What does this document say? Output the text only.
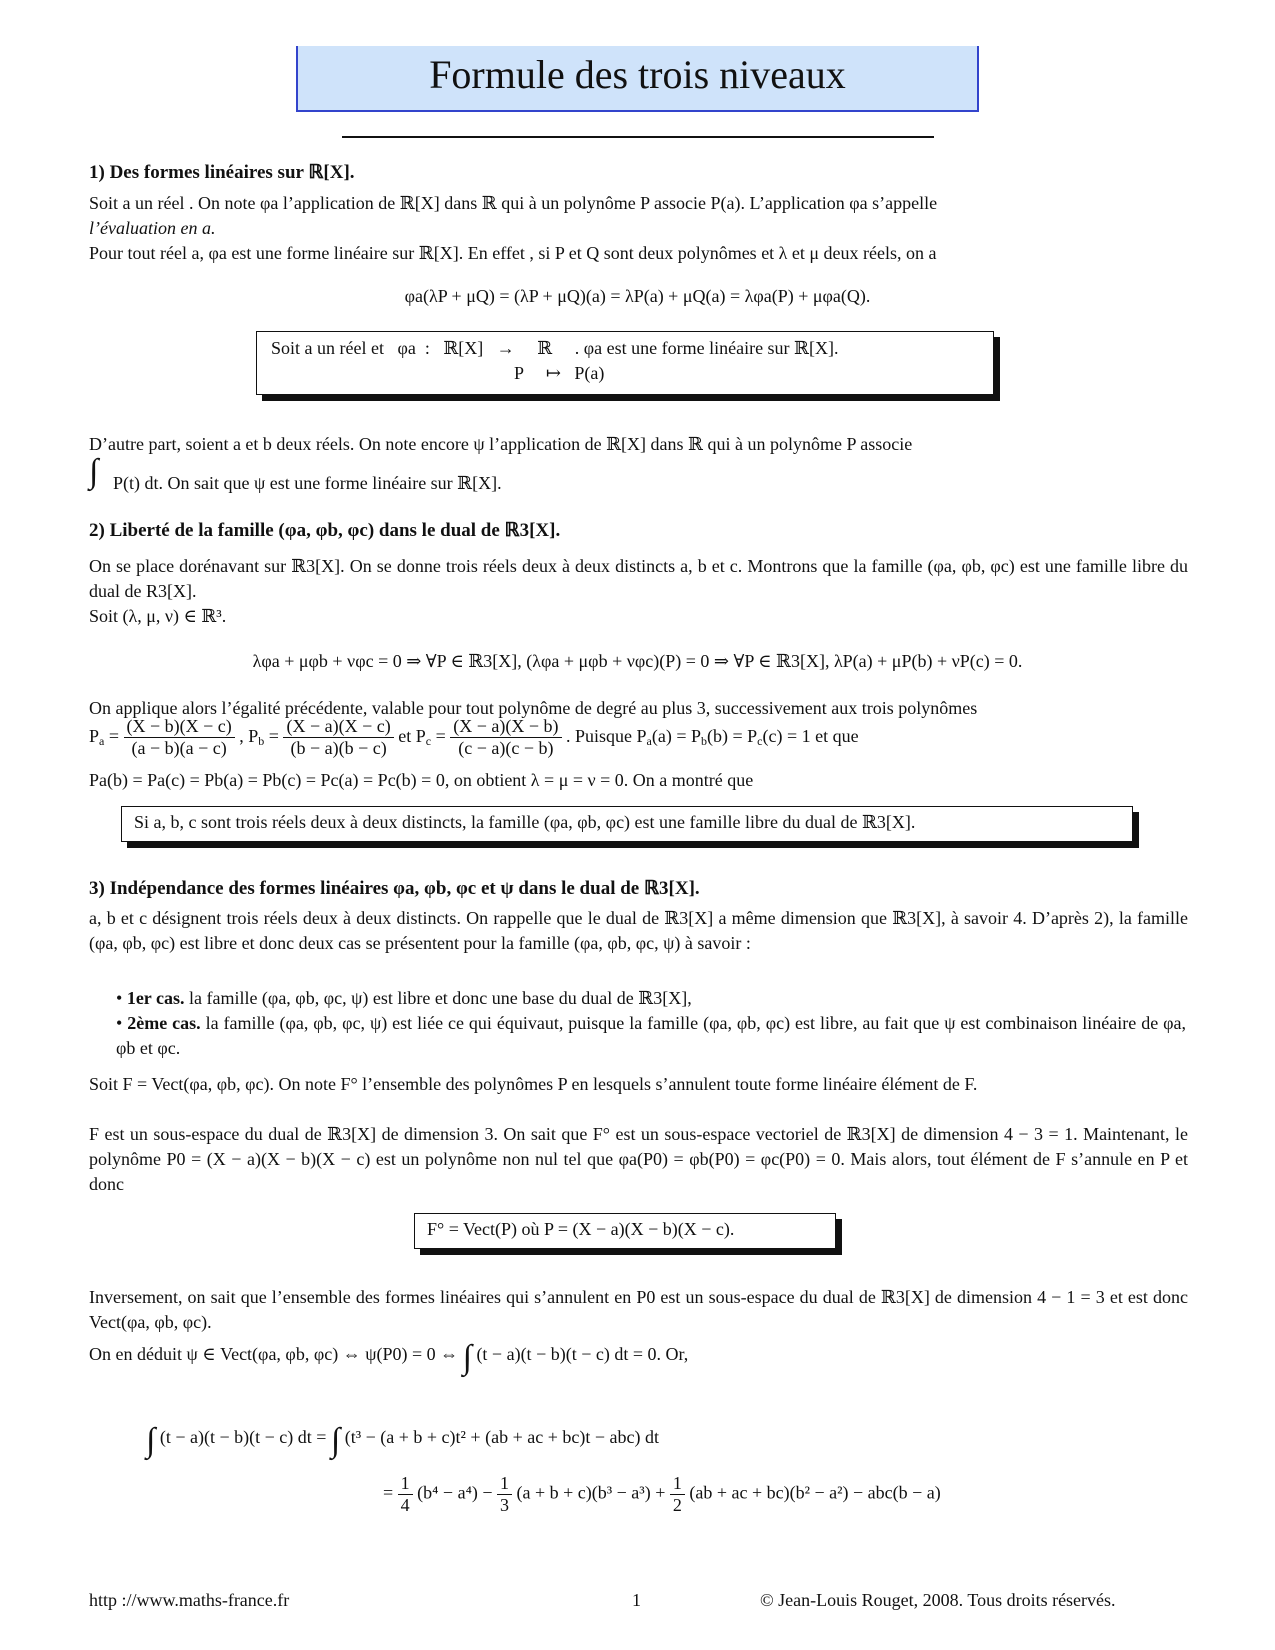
Formule des trois niveaux
1) Des formes linéaires sur ℝ[X].
Soit a un réel . On note φa l’application de ℝ[X] dans ℝ qui à un polynôme P associe P(a). L’application φa s’appelle
l’évaluation en a.
Pour tout réel a, φa est une forme linéaire sur ℝ[X]. En effet , si P et Q sont deux polynômes et λ et μ deux réels, on a
φa(λP + μQ) = (λP + μQ)(a) = λP(a) + μQ(a) = λφa(P) + μφa(Q).
Soit a un réel et   φa  :   ℝ[X]   →     ℝ     . φa est une forme linéaire sur ℝ[X].
P     ↦   P(a)
D’autre part, soient a et b deux réels. On note encore ψ l’application de ℝ[X] dans ℝ qui à un polynôme P associe
∫ P(t) dt. On sait que ψ est une forme linéaire sur ℝ[X].
2) Liberté de la famille (φa, φb, φc) dans le dual de ℝ3[X].
On se place dorénavant sur ℝ3[X]. On se donne trois réels deux à deux distincts a, b et c. Montrons que la famille (φa, φb, φc) est une famille libre du dual de R3[X].
Soit (λ, μ, ν) ∈ ℝ³.
λφa + μφb + νφc = 0 ⇒ ∀P ∈ ℝ3[X], (λφa + μφb + νφc)(P) = 0 ⇒ ∀P ∈ ℝ3[X], λP(a) + μP(b) + νP(c) = 0.
On applique alors l’égalité précédente, valable pour tout polynôme de degré au plus 3, successivement aux trois polynômes
$P_a = \frac{(X - b)(X - c)}{(a - b)(a - c)}$ , $P_b = \frac{(X - a)(X - c)}{(b - a)(b - c)}$ et $P_c = \frac{(X - a)(X - b)}{(c - a)(c - b)}$ . Puisque $P_a(a) = P_b(b) = P_c(c) = 1$ et que
Pa(b) = Pa(c) = Pb(a) = Pb(c) = Pc(a) = Pc(b) = 0, on obtient λ = μ = ν = 0. On a montré que
Si a, b, c sont trois réels deux à deux distincts, la famille (φa, φb, φc) est une famille libre du dual de ℝ3[X].
3) Indépendance des formes linéaires φa, φb, φc et ψ dans le dual de ℝ3[X].
a, b et c désignent trois réels deux à deux distincts. On rappelle que le dual de ℝ3[X] a même dimension que ℝ3[X], à savoir 4. D’après 2), la famille (φa, φb, φc) est libre et donc deux cas se présentent pour la famille (φa, φb, φc, ψ) à savoir :
• 1er cas. la famille (φa, φb, φc, ψ) est libre et donc une base du dual de ℝ3[X],
• 2ème cas. la famille (φa, φb, φc, ψ) est liée ce qui équivaut, puisque la famille (φa, φb, φc) est libre, au fait que ψ est combinaison linéaire de φa, φb et φc.
Soit F = Vect(φa, φb, φc). On note F° l’ensemble des polynômes P en lesquels s’annulent toute forme linéaire élément de F.
F est un sous-espace du dual de ℝ3[X] de dimension 3. On sait que F° est un sous-espace vectoriel de ℝ3[X] de dimension 4 − 3 = 1. Maintenant, le polynôme P0 = (X − a)(X − b)(X − c) est un polynôme non nul tel que φa(P0) = φb(P0) = φc(P0) = 0. Mais alors, tout élément de F s’annule en P et donc
F° = Vect(P) où P = (X − a)(X − b)(X − c).
Inversement, on sait que l’ensemble des formes linéaires qui s’annulent en P0 est un sous-espace du dual de ℝ3[X] de dimension 4 − 1 = 3 et est donc Vect(φa, φb, φc).
On en déduit ψ ∈ Vect(φa, φb, φc) ⇔ ψ(P0) = 0 ⇔ ∫ (t − a)(t − b)(t − c) dt = 0. Or,
∫ (t − a)(t − b)(t − c) dt = ∫ (t³ − (a + b + c)t² + (ab + ac + bc)t − abc) dt
= $\frac{1}{4} (b^4 - a^4) - \frac{1}{3} (a + b + c)(b^3 - a^3) + \frac{1}{2} (ab$ + ac + bc)(b² − a²) − abc(b − a)
http ://www.maths-france.fr	1	© Jean-Louis Rouget, 2008. Tous droits réservés.
